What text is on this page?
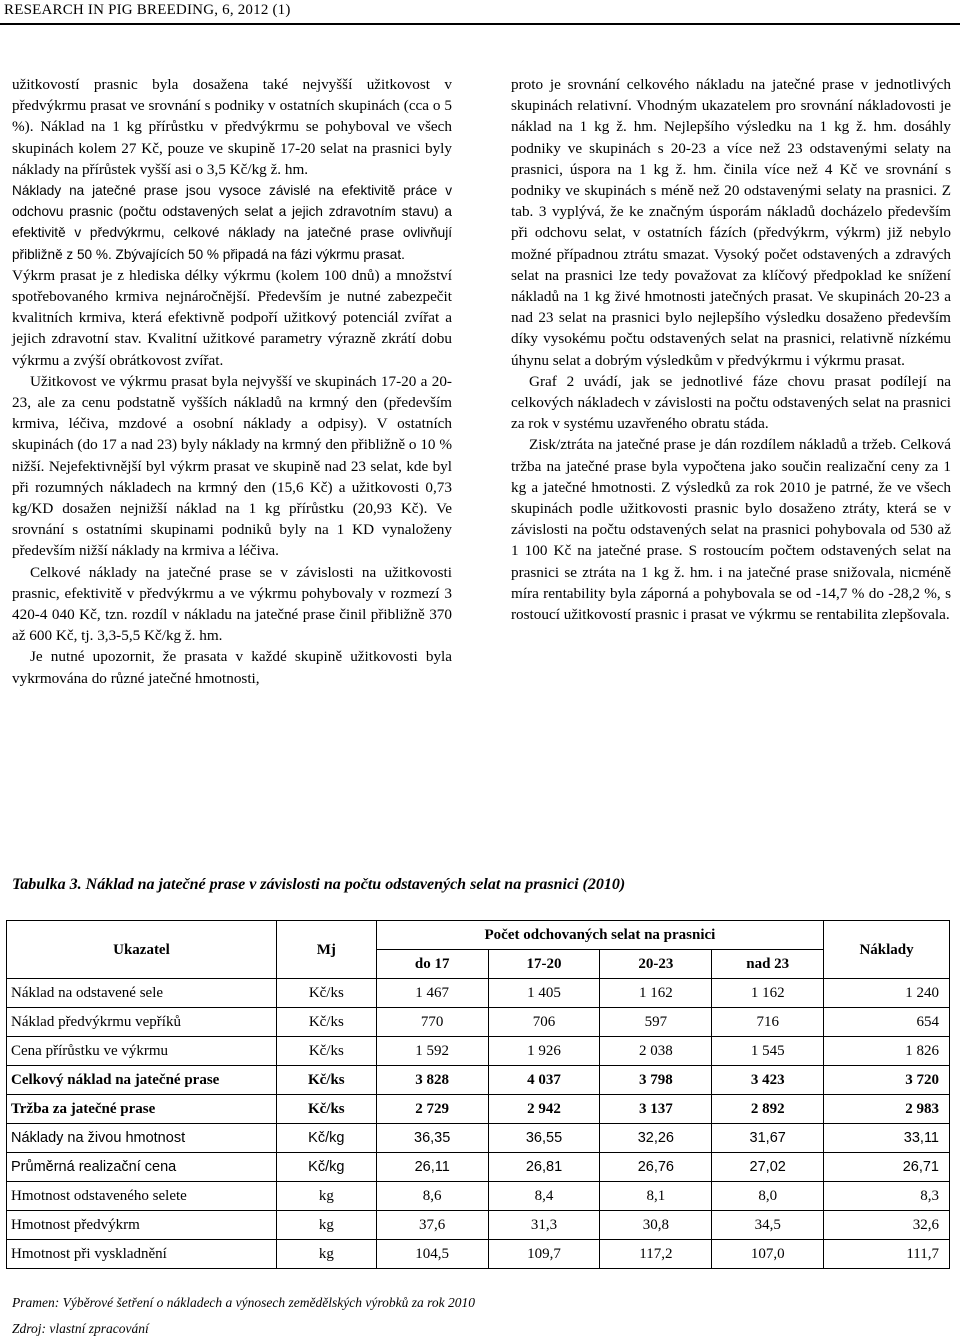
RESEARCH IN PIG BREEDING, 6, 2012 (1)

užitkovostí prasnic byla dosažena také nejvyšší užitkovost v předvýkrmu prasat ve srovnání s podniky v ostatních skupinách (cca o 5 %). Náklad na 1 kg přírůstku v předvýkrmu se pohyboval ve všech skupinách kolem 27 Kč, pouze ve skupině 17-20 selat na prasnici byly náklady na přírůstek vyšší asi o 3,5 Kč/kg ž. hm.

Náklady na jatečné prase jsou vysoce závislé na efektivitě práce v odchovu prasnic (počtu odstavených selat a jejich zdravotním stavu) a efektivitě v předvýkrmu, celkové náklady na jatečné prase ovlivňují přibližně z 50 %. Zbývajících 50 % připadá na fázi výkrmu prasat.

Výkrm prasat je z hlediska délky výkrmu (kolem 100 dnů) a množství spotřebovaného krmiva nejnáročnější. Především je nutné zabezpečit kvalitních krmiva, která efektivně podpoří užitkový potenciál zvířat a jejich zdravotní stav. Kvalitní užitkové parametry výrazně zkrátí dobu výkrmu a zvýší obrátkovost zvířat.

Užitkovost ve výkrmu prasat byla nejvyšší ve skupinách 17-20 a 20-23, ale za cenu podstatně vyšších nákladů na krmný den (především krmiva, léčiva, mzdové a osobní náklady a odpisy). V ostatních skupinách (do 17 a nad 23) byly náklady na krmný den přibližně o 10 % nižší. Nejefektivnější byl výkrm prasat ve skupině nad 23 selat, kde byl při rozumných nákladech na krmný den (15,6 Kč) a užitkovosti 0,73 kg/KD dosažen nejnižší náklad na 1 kg přírůstku (20,93 Kč). Ve srovnání s ostatními skupinami podniků byly na 1 KD vynaloženy především nižší náklady na krmiva a léčiva.

Celkové náklady na jatečné prase se v závislosti na užitkovosti prasnic, efektivitě v předvýkrmu a ve výkrmu pohybovaly v rozmezí 3 420-4 040 Kč, tzn. rozdíl v nákladu na jatečné prase činil přibližně 370 až 600 Kč, tj. 3,3-5,5 Kč/kg ž. hm.

Je nutné upozornit, že prasata v každé skupině užitkovosti byla vykrmována do různé jatečné hmotnosti,

proto je srovnání celkového nákladu na jatečné prase v jednotlivých skupinách relativní. Vhodným ukazatelem pro srovnání nákladovosti je náklad na 1 kg ž. hm. Nejlepšího výsledku na 1 kg ž. hm. dosáhly podniky ve skupinách s 20-23 a více než 23 odstavenými selaty na prasnici, úspora na 1 kg ž. hm. činila více než 4 Kč ve srovnání s podniky ve skupinách s méně než 20 odstavenými selaty na prasnici. Z tab. 3 vyplývá, že ke značným úsporám nákladů docházelo především při odchovu selat, v ostatních fázích (předvýkrm, výkrm) již nebylo možné případnou ztrátu smazat. Vysoký počet odstavených a zdravých selat na prasnici lze tedy považovat za klíčový předpoklad ke snížení nákladů na 1 kg živé hmotnosti jatečných prasat. Ve skupinách 20-23 a nad 23 selat na prasnici bylo nejlepšího výsledku dosaženo především díky vysokému počtu odstavených selat na prasnici, relativně nízkému úhynu selat a dobrým výsledkům v předvýkrmu i výkrmu prasat.

Graf 2 uvádí, jak se jednotlivé fáze chovu prasat podílejí na celkových nákladech v závislosti na počtu odstavených selat na prasnici za rok v systému uzavřeného obratu stáda.

Zisk/ztráta na jatečné prase je dán rozdílem nákladů a tržeb. Celková tržba na jatečné prase byla vypočtena jako součin realizační ceny za 1 kg a jatečné hmotnosti. Z výsledků za rok 2010 je patrné, že ve všech skupinách podle užitkovosti prasnic bylo dosaženo ztráty, která se v závislosti na počtu odstavených selat na prasnici pohybovala od 530 až 1 100 Kč na jatečné prase. S rostoucím počtem odstavených selat na prasnici se ztráta na 1 kg ž. hm. i na jatečné prase snižovala, nicméně míra rentability byla záporná a pohybovala se od -14,7 % do -28,2 %, s rostoucí užitkovostí prasnic i prasat ve výkrmu se rentabilita zlepšovala.

Tabulka 3. Náklad na jatečné prase v závislosti na počtu odstavených selat na prasnici (2010)
Ukazatel	Mj	Počet odchovaných selat na prasnici				Náklady
		do 17	17-20	20-23	nad 23	
Náklad na odstavené sele	Kč/ks	1 467	1 405	1 162	1 162	1 240
Náklad předvýkrmu vepříků	Kč/ks	770	706	597	716	654
Cena přírůstku ve výkrmu	Kč/ks	1 592	1 926	2 038	1 545	1 826
Celkový náklad na jatečné prase	Kč/ks	3 828	4 037	3 798	3 423	3 720
Tržba za jatečné prase	Kč/ks	2 729	2 942	3 137	2 892	2 983
Náklady na živou hmotnost	Kč/kg	36,35	36,55	32,26	31,67	33,11
Průměrná realizační cena	Kč/kg	26,11	26,81	26,76	27,02	26,71
Hmotnost odstaveného selete	kg	8,6	8,4	8,1	8,0	8,3
Hmotnost předvýkrm	kg	37,6	31,3	30,8	34,5	32,6
Hmotnost při vyskladnění	kg	104,5	109,7	117,2	107,0	111,7
Pramen: Výběrové šetření o nákladech a výnosech zemědělských výrobků za rok 2010
Zdroj: vlastní zpracování
